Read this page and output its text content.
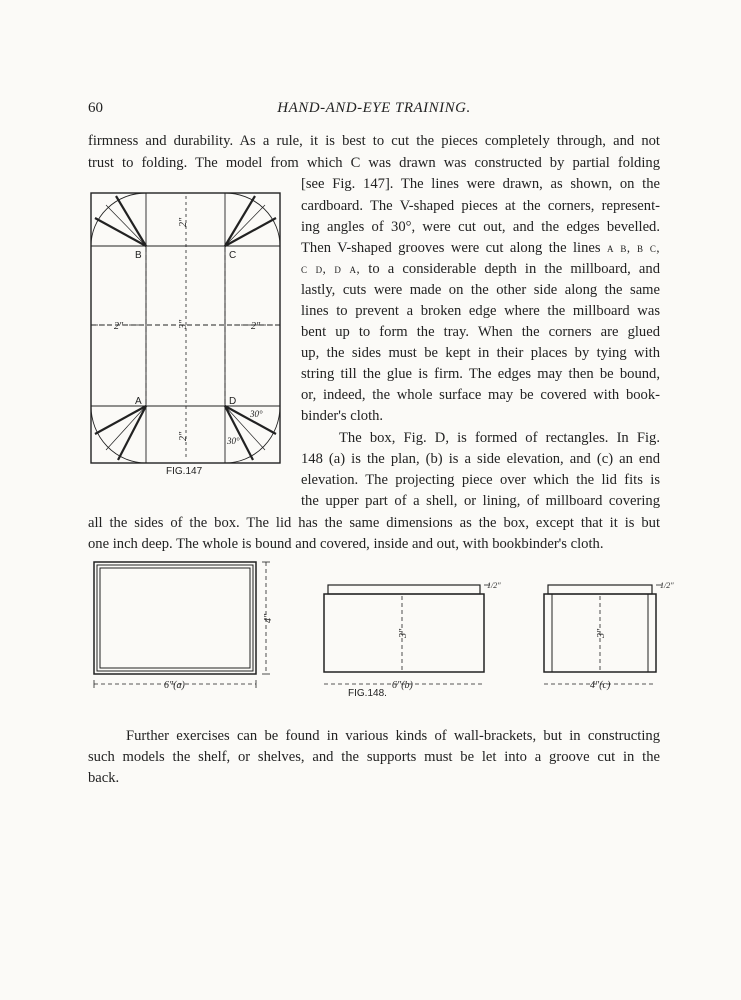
60	HAND-AND-EYE TRAINING.
firmness and durability. As a rule, it is best to cut the pieces completely through, and not
trust to folding. The model from which C was drawn was constructed by partial folding
[see Fig. 147]. The lines were drawn, as shown, on the
cardboard. The V-shaped pieces at the corners, represent-
ing angles of 30°, were cut out, and the edges bevelled.
Then V-shaped grooves were cut along the lines a b, b c,
c d, d a, to a considerable depth in the millboard, and
lastly, cuts were made on the other side along the same
lines to prevent a broken edge where the millboard was
bent up to form the tray. When the corners are glued
up, the sides must be kept in their places by tying with
string till the glue is firm. The edges may then be bound,
or, indeed, the whole surface may be covered with book-
binder's cloth.
The box, Fig. D, is formed of rectangles. In Fig.
148 (a) is the plan, (b) is a side elevation, and (c) an end
elevation. The projecting piece over which the lid fits is
the upper part of a shell, or lining, of millboard covering
all the sides of the box. The lid has the same dimensions as the box, except that it is but
one inch deep. The whole is bound and covered, inside and out, with bookbinder's cloth.
Further exercises can be found in various kinds of wall-brackets, but in constructing
such models the shelf, or shelves, and the supports must be let into a groove cut in the
back.
B	C
A	D
2"	2"
3"
2"
2"
30°
30°
FIG.147
6"(a)
4"
6"(b)
3"
1/2"
4"(c)
3"
1/2"
FIG.148.
